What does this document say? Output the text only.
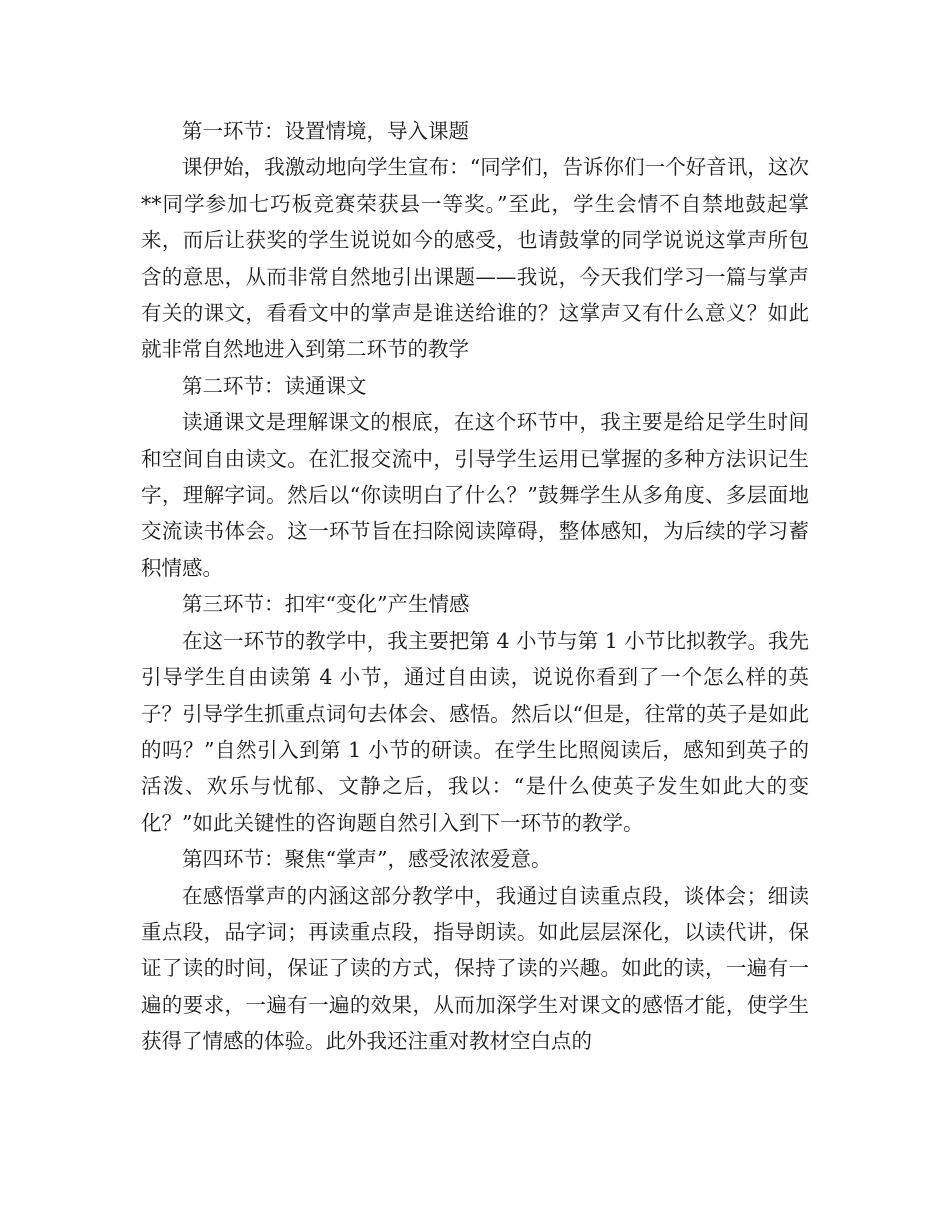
第一环节：设置情境，导入课题

课伊始，我激动地向学生宣布：“同学们，告诉你们一个好音讯，这次**同学参加七巧板竞赛荣获县一等奖。”至此，学生会情不自禁地鼓起掌来，而后让获奖的学生说说如今的感受，也请鼓掌的同学说说这掌声所包含的意思，从而非常自然地引出课题——我说，今天我们学习一篇与掌声有关的课文，看看文中的掌声是谁送给谁的？这掌声又有什么意义？如此就非常自然地进入到第二环节的教学

第二环节：读通课文

读通课文是理解课文的根底，在这个环节中，我主要是给足学生时间和空间自由读文。在汇报交流中，引导学生运用已掌握的多种方法识记生字，理解字词。然后以“你读明白了什么？”鼓舞学生从多角度、多层面地交流读书体会。这一环节旨在扫除阅读障碍，整体感知，为后续的学习蓄积情感。

第三环节：扣牢“变化”产生情感

在这一环节的教学中，我主要把第 4 小节与第 1 小节比拟教学。我先引导学生自由读第 4 小节，通过自由读，说说你看到了一个怎么样的英子？引导学生抓重点词句去体会、感悟。然后以“但是，往常的英子是如此的吗？”自然引入到第 1 小节的研读。在学生比照阅读后，感知到英子的活泼、欢乐与忧郁、文静之后，我以：“是什么使英子发生如此大的变化？”如此关键性的咨询题自然引入到下一环节的教学。

第四环节：聚焦“掌声”，感受浓浓爱意。

在感悟掌声的内涵这部分教学中，我通过自读重点段，谈体会；细读重点段，品字词；再读重点段，指导朗读。如此层层深化，以读代讲，保证了读的时间，保证了读的方式，保持了读的兴趣。如此的读，一遍有一遍的要求，一遍有一遍的效果，从而加深学生对课文的感悟才能，使学生获得了情感的体验。此外我还注重对教材空白点的
